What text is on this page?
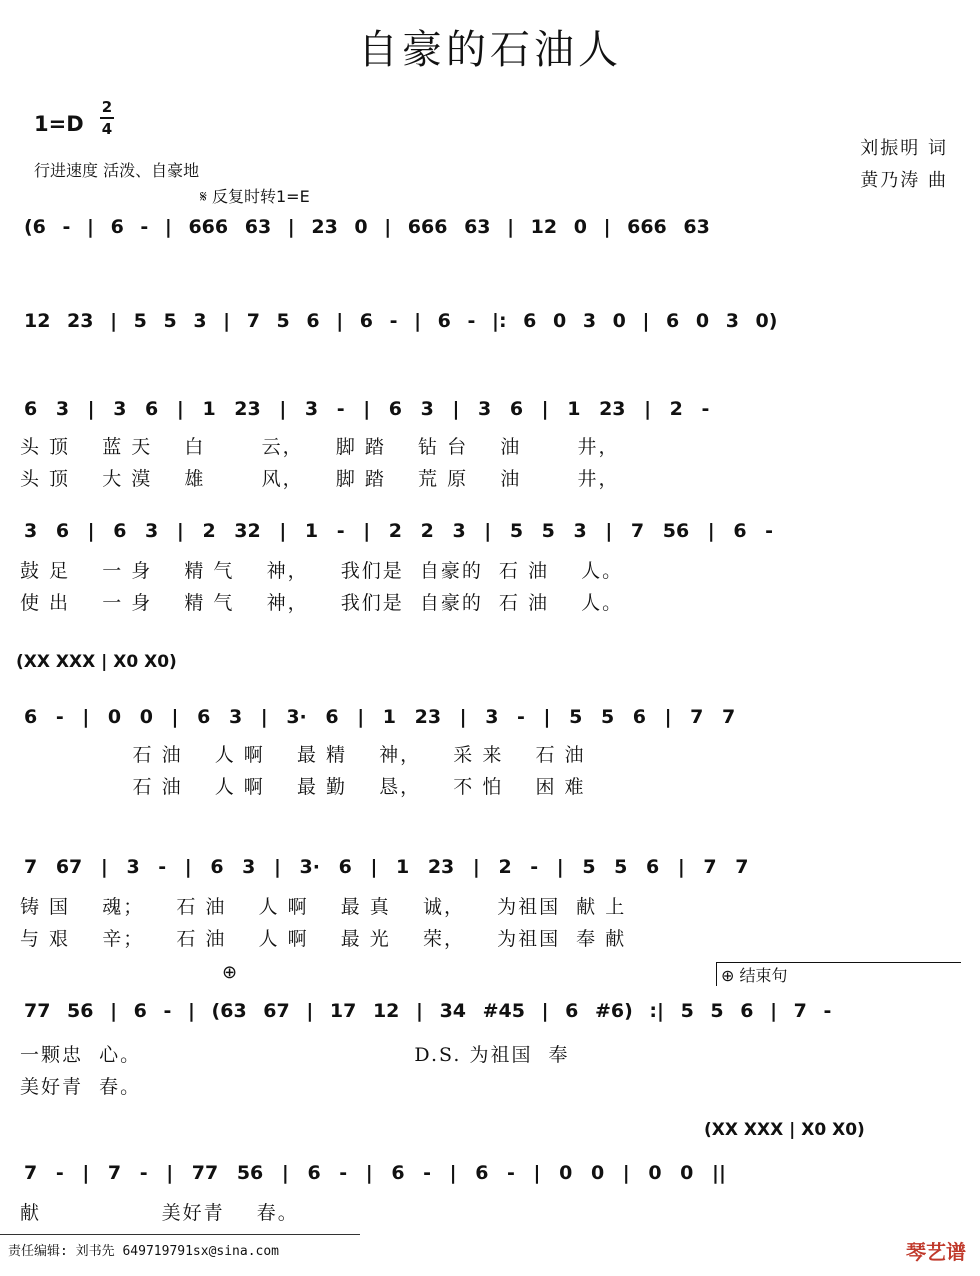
自豪的石油人
1=D
2
4
行进速度 活泼、自豪地
刘振明 词
黄乃涛 曲
𝄋 反复时转1=E
(6 - | 6 - | 666 63 | 23 0 | 666 63 | 12 0 | 666 63
12 23 | 5 5 3 | 7 5 6 | 6 - | 6 - |: 6 0 3 0 | 6 0 3 0)
6 3 | 3 6 | 1 23 | 3 - | 6 3 | 3 6 | 1 23 | 2 -
头 顶    蓝 天    白       云，    脚 踏    钻 台    油       井，
头 顶    大 漠    雄       风，    脚 踏    荒 原    油       井，
3 6 | 6 3 | 2 32 | 1 - | 2 2 3 | 5 5 3 | 7 56 | 6 -
鼓 足    一 身    精 气    神，    我们是  自豪的  石 油    人。
使 出    一 身    精 气    神，    我们是  自豪的  石 油    人。
(XX XXX | X0 X0)
6 - | 0 0 | 6 3 | 3· 6 | 1 23 | 3 - | 5 5 6 | 7 7
石 油    人 啊    最 精    神，    采 来    石 油
石 油    人 啊    最 勤    恳，    不 怕    困 难
7 67 | 3 - | 6 3 | 3· 6 | 1 23 | 2 - | 5 5 6 | 7 7
铸 国    魂；    石 油    人 啊    最 真    诚，    为祖国  献 上
与 艰    辛；    石 油    人 啊    最 光    荣，    为祖国  奉 献
⊕	⊕ 结束句
77 56 | 6 - | (63 67 | 17 12 | 34 #45 | 6 #6) :| 5 5 6 | 7 -
一颗忠  心。                                  D.S. 为祖国  奉
美好青  春。
(XX XXX | X0 X0)
7 - | 7 - | 77 56 | 6 - | 6 - | 6 - | 0 0 | 0 0 ||
献               美好青    春。
责任编辑: 刘书先 649719791sx@sina.com	琴艺谱
